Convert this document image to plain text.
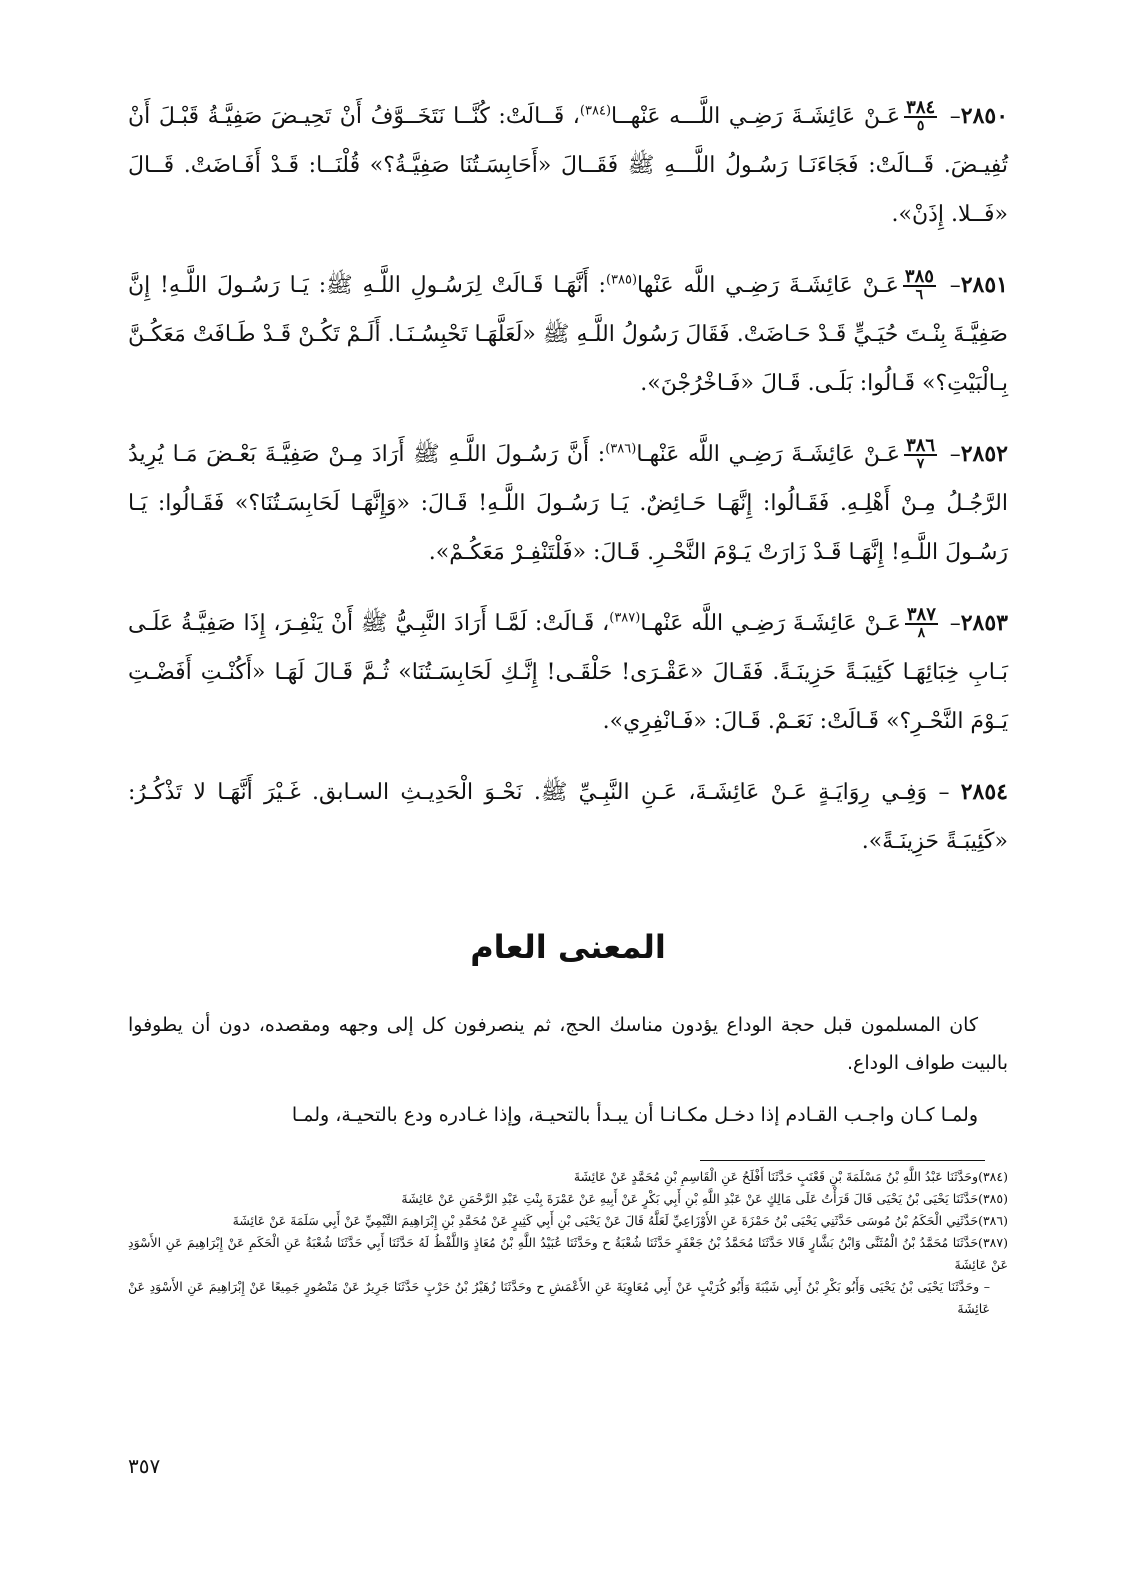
٢٨٥٠–
$\frac{٣٨٤}{٥}$
عَـنْ عَائِشَـةَ رَضِـي اللَّـــه عَنْهــا$^{(٣٨٤)}$، قَــالَتْ: كُنَّــا نَتَخَــوَّفُ أَنْ تَحِيـضَ صَفِيَّـةُ قَبْـلَ أَنْ تُفِيـضَ. قَــالَتْ: فَجَاءَنَـا رَسُـولُ اللَّـــهِ ﷺ فَقَــالَ «أَحَابِسَـتُنَا صَفِيَّـةُ؟» قُلْنَــا: قَـدْ أَفَـاضَتْ. قَــالَ «فَــلا. إِذَنْ».

٢٨٥١–
$\frac{٣٨٥}{٦}$
عَـنْ عَائِشَـةَ رَضِـي اللَّه عَنْها$^{(٣٨٥)}$: أَنَّهَـا قَـالَتْ لِرَسُـولِ اللَّـهِ ﷺ: يَـا رَسُـولَ اللَّـهِ! إِنَّ صَفِيَّـةَ بِنْـتَ حُيَـيٍّ قَـدْ حَـاضَتْ. فَقَالَ رَسُولُ اللَّـهِ ﷺ «لَعَلَّهَـا تَحْبِسُـنَـا. أَلَـمْ تَكُـنْ قَـدْ طَـافَتْ مَعَكُـنَّ بِـالْبَيْتِ؟» قَـالُوا: بَلَـى. قَـالَ «فَـاخْرُجْنَ».

٢٨٥٢–
$\frac{٣٨٦}{٧}$
عَـنْ عَائِشَـةَ رَضِـي اللَّه عَنْهـا$^{(٣٨٦)}$: أَنَّ رَسُـولَ اللَّـهِ ﷺ أَرَادَ مِـنْ صَفِيَّـةَ بَعْـضَ مَـا يُرِيدُ الرَّجُـلُ مِـنْ أَهْلِـهِ. فَقَـالُوا: إِنَّهَـا حَـائِضٌ. يَـا رَسُـولَ اللَّـهِ! قَـالَ: «وَإِنَّهَـا لَحَابِسَـتُنَا؟» فَقَـالُوا: يَـا رَسُـولَ اللَّـهِ! إِنَّهَـا قَـدْ زَارَتْ يَـوْمَ النَّحْـرِ. قَـالَ: «فَلْتَنْفِـرْ مَعَكُـمْ».

٢٨٥٣–
$\frac{٣٨٧}{٨}$
عَـنْ عَائِشَـةَ رَضِـي اللَّه عَنْهـا$^{(٣٨٧)}$، قَـالَتْ: لَمَّـا أَرَادَ النَّبِـيُّ ﷺ أَنْ يَنْفِـرَ، إِذَا صَفِيَّـةُ عَلَـى بَـابِ خِبَائِهَـا كَئِيبَـةً حَزِينَـةً. فَقَـالَ «عَقْـرَى! حَلْقَـى! إِنَّـكِ لَحَابِسَـتُنَا» ثُـمَّ قَـالَ لَهَـا «أَكُنْـتِ أَفَضْـتِ يَـوْمَ النَّحْـرِ؟» قَـالَتْ: نَعَـمْ. قَـالَ: «فَـانْفِرِي».

٢٨٥٤ – وَفِـي رِوَايَـةٍ عَـنْ عَائِشَـةَ، عَـنِ النَّبِـيِّ ﷺ. نَحْـوَ الْحَدِيـثِ السـابق. غَـيْرَ أَنَّهَـا لا تَذْكُـرُ: «كَئِيبَـةً حَزِينَـةً».

المعنى العام

كان المسلمون قبل حجة الوداع يؤدون مناسك الحج، ثم ينصرفون كل إلى وجهه ومقصده، دون أن يطوفوا بالبيت طواف الوداع.

ولمـا كـان واجـب القـادم إذا دخـل مكـانـا أن يبـدأ بالتحيـة، وإذا غـادره ودع بالتحيـة، ولمـا

(٣٨٤)وحَدَّثَنَا عَبْدُ اللَّهِ بْنُ مَسْلَمَةَ بْنِ قَعْنَبٍ حَدَّثَنَا أَفْلَحُ عَنِ الْقَاسِمِ بْنِ مُحَمَّدٍ عَنْ عَائِشَةَ

(٣٨٥)حَدَّثَنَا يَحْيَى بْنُ يَحْيَى قَالَ قَرَأْتُ عَلَى مَالِكٍ عَنْ عَبْدِ اللَّهِ بْنِ أَبِي بَكْرٍ عَنْ أَبِيهِ عَنْ عَمْرَةَ بِنْتِ عَبْدِ الرَّحْمَنِ عَنْ عَائِشَةَ

(٣٨٦)حَدَّثَنِي الْحَكَمُ بْنُ مُوسَى حَدَّثَنِي يَحْيَى بْنُ حَمْزَةَ عَنِ الأَوْزَاعِيِّ لَعَلَّهُ قَالَ عَنْ يَحْيَى بْنِ أَبِي كَثِيرٍ عَنْ مُحَمَّدِ بْنِ إِبْرَاهِيمَ التَّيْمِيِّ عَنْ أَبِي سَلَمَةَ عَنْ عَائِشَةَ

(٣٨٧)حَدَّثَنَا مُحَمَّدُ بْنُ الْمُثَنَّى وَابْنُ بَشَّارٍ قَالا حَدَّثَنَا مُحَمَّدُ بْنُ جَعْفَرٍ حَدَّثَنَا شُعْبَةُ ح وحَدَّثَنَا عُبَيْدُ اللَّهِ بْنُ مُعَاذٍ وَاللَّفْظُ لَهُ حَدَّثَنَا أَبِي حَدَّثَنَا شُعْبَةُ عَنِ الْحَكَمِ عَنْ إِبْرَاهِيمَ عَنِ الأَسْوَدِ عَنْ عَائِشَةَ

– وحَدَّثَنَا يَحْيَى بْنُ يَحْيَى وَأَبُو بَكْرِ بْنُ أَبِي شَيْبَةَ وَأَبُو كُرَيْبٍ عَنْ أَبِي مُعَاوِيَةَ عَنِ الأَعْمَشِ ح وحَدَّثَنَا زُهَيْرُ بْنُ حَرْبٍ حَدَّثَنَا جَرِيرٌ عَنْ مَنْصُورٍ جَمِيعًا عَنْ إِبْرَاهِيمَ عَنِ الأَسْوَدِ عَنْ عَائِشَةَ

٣٥٧
